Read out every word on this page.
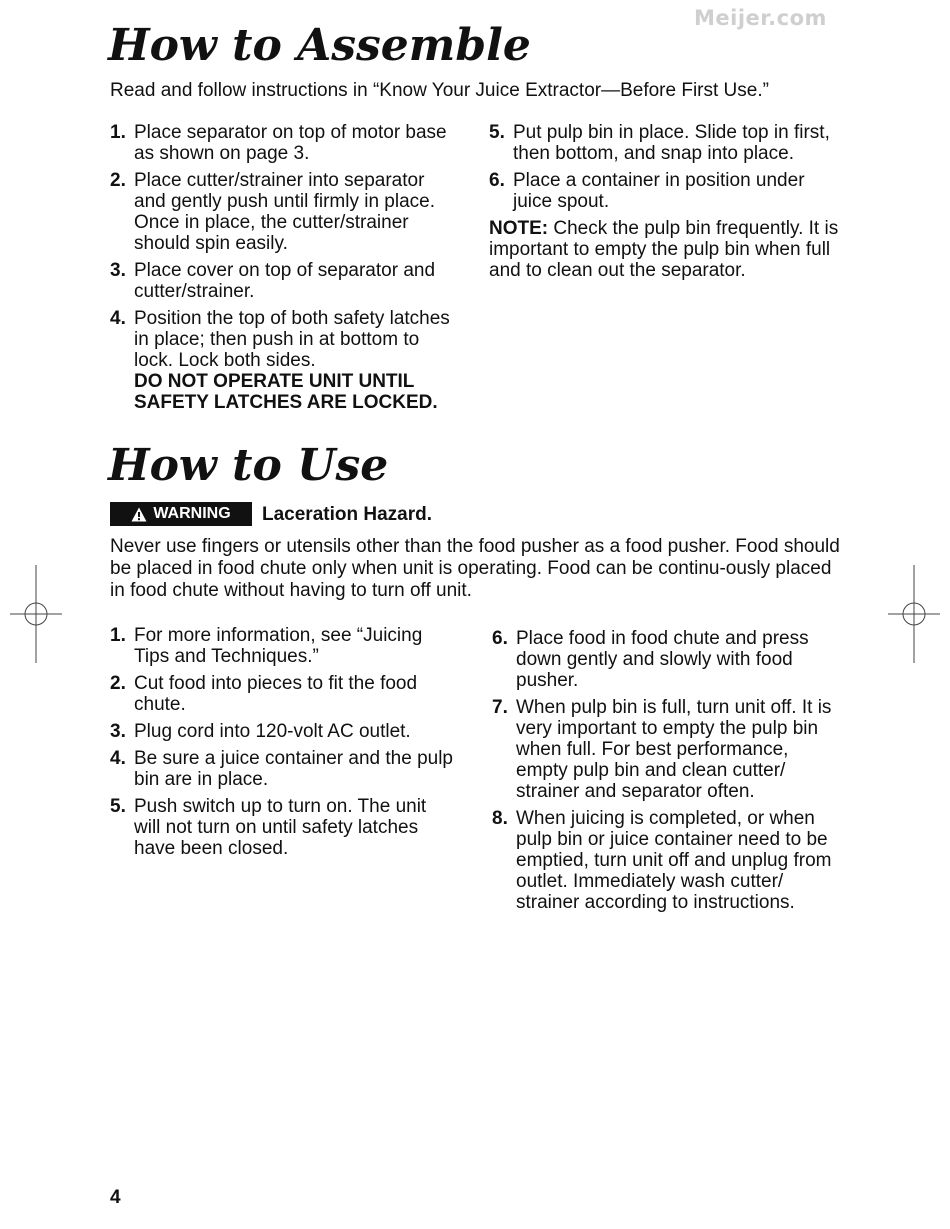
Meijer.com
How to Assemble
Read and follow instructions in “Know Your Juice Extractor—Before First Use.”
1. Place separator on top of motor base as shown on page 3.
2. Place cutter/strainer into separator and gently push until firmly in place. Once in place, the cutter/strainer should spin easily.
3. Place cover on top of separator and cutter/strainer.
4. Position the top of both safety latches in place; then push in at bottom to lock. Lock both sides.
DO NOT OPERATE UNIT UNTIL SAFETY LATCHES ARE LOCKED.
5. Put pulp bin in place. Slide top in first, then bottom, and snap into place.
6. Place a container in position under juice spout.
NOTE: Check the pulp bin frequently. It is important to empty the pulp bin when full and to clean out the separator.
How to Use
WARNING Laceration Hazard.
Never use fingers or utensils other than the food pusher as a food pusher. Food should be placed in food chute only when unit is operating. Food can be continu-ously placed in food chute without having to turn off unit.
1. For more information, see “Juicing Tips and Techniques.”
2. Cut food into pieces to fit the food chute.
3. Plug cord into 120-volt AC outlet.
4. Be sure a juice container and the pulp bin are in place.
5. Push switch up to turn on. The unit will not turn on until safety latches have been closed.
6. Place food in food chute and press down gently and slowly with food pusher.
7. When pulp bin is full, turn unit off. It is very important to empty the pulp bin when full. For best performance, empty pulp bin and clean cutter/ strainer and separator often.
8. When juicing is completed, or when pulp bin or juice container need to be emptied, turn unit off and unplug from outlet. Immediately wash cutter/ strainer according to instructions.
4
